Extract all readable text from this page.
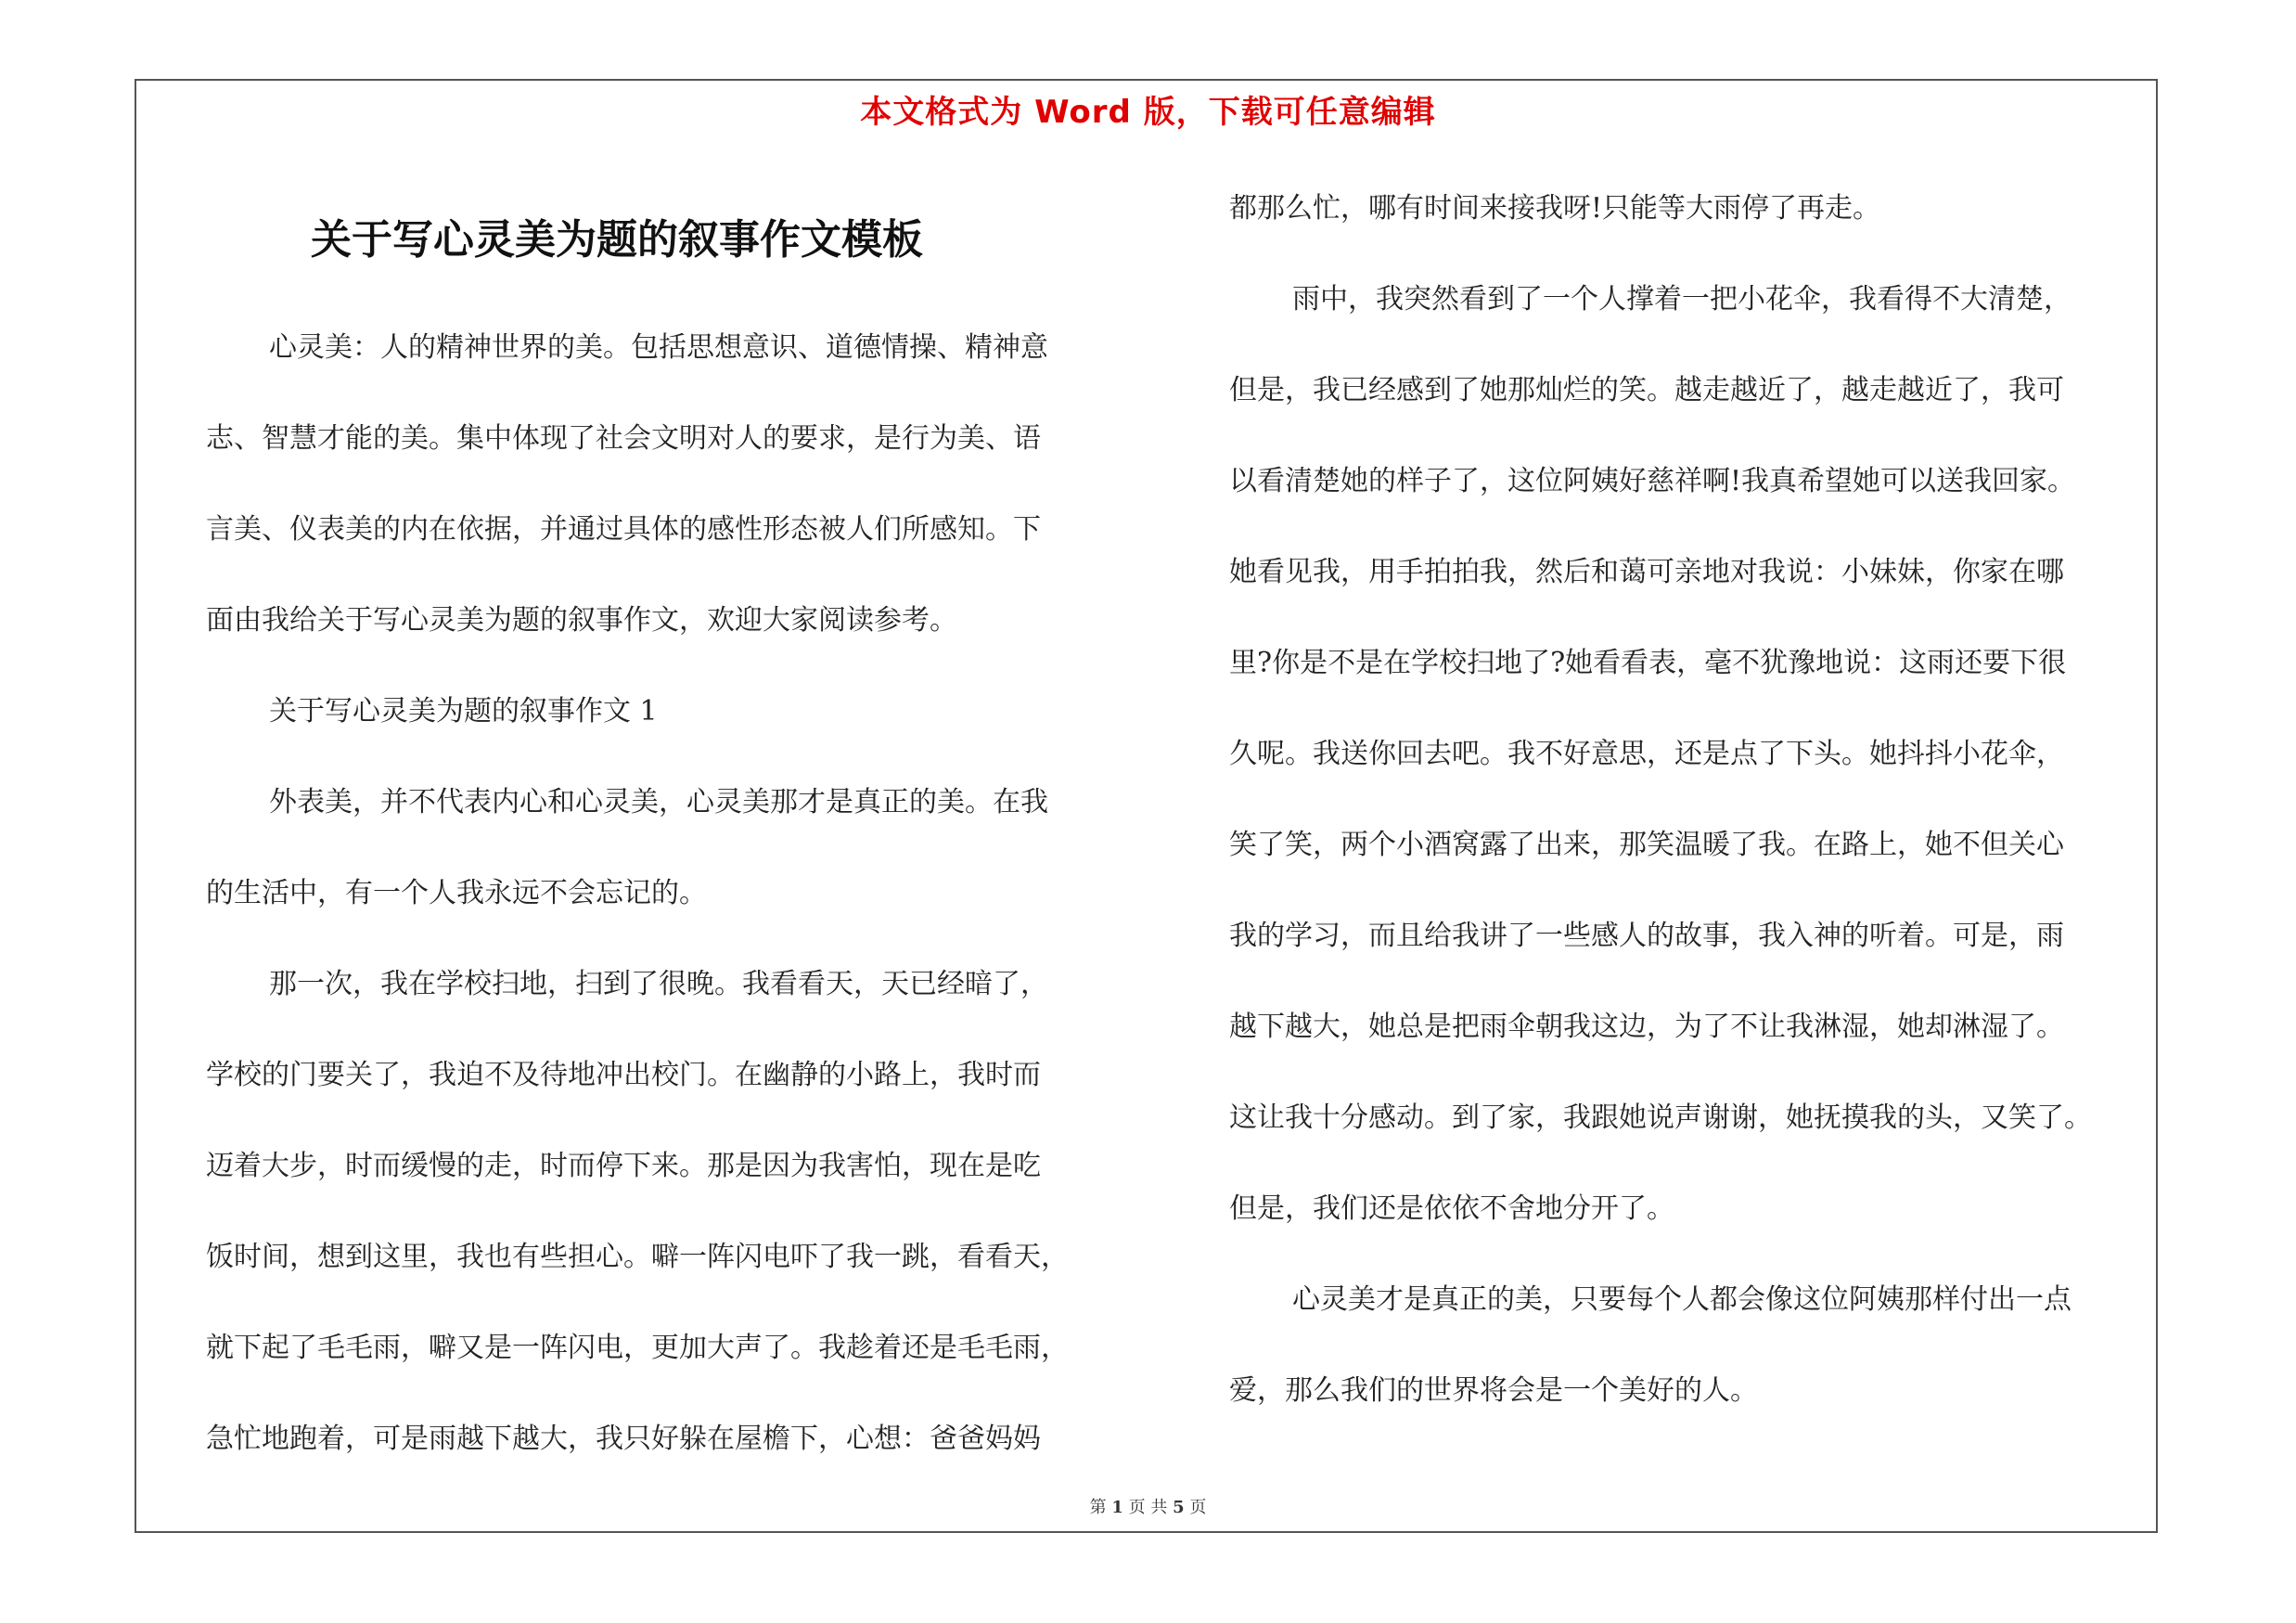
本文格式为 Word 版，下载可任意编辑
关于写心灵美为题的叙事作文模板
心灵美：人的精神世界的美。包括思想意识、道德情操、精神意
志、智慧才能的美。集中体现了社会文明对人的要求，是行为美、语
言美、仪表美的内在依据，并通过具体的感性形态被人们所感知。下
面由我给关于写心灵美为题的叙事作文，欢迎大家阅读参考。
关于写心灵美为题的叙事作文 1
外表美，并不代表内心和心灵美，心灵美那才是真正的美。在我
的生活中，有一个人我永远不会忘记的。
那一次，我在学校扫地，扫到了很晚。我看看天，天已经暗了，
学校的门要关了，我迫不及待地冲出校门。在幽静的小路上，我时而
迈着大步，时而缓慢的走，时而停下来。那是因为我害怕，现在是吃
饭时间，想到这里，我也有些担心。噼一阵闪电吓了我一跳，看看天，
就下起了毛毛雨，噼又是一阵闪电，更加大声了。我趁着还是毛毛雨，
急忙地跑着，可是雨越下越大，我只好躲在屋檐下，心想：爸爸妈妈
都那么忙，哪有时间来接我呀!只能等大雨停了再走。
雨中，我突然看到了一个人撑着一把小花伞，我看得不大清楚，
但是，我已经感到了她那灿烂的笑。越走越近了，越走越近了，我可
以看清楚她的样子了，这位阿姨好慈祥啊!我真希望她可以送我回家。
她看见我，用手拍拍我，然后和蔼可亲地对我说：小妹妹，你家在哪
里?你是不是在学校扫地了?她看看表，毫不犹豫地说：这雨还要下很
久呢。我送你回去吧。我不好意思，还是点了下头。她抖抖小花伞，
笑了笑，两个小酒窝露了出来，那笑温暖了我。在路上，她不但关心
我的学习，而且给我讲了一些感人的故事，我入神的听着。可是，雨
越下越大，她总是把雨伞朝我这边，为了不让我淋湿，她却淋湿了。
这让我十分感动。到了家，我跟她说声谢谢，她抚摸我的头，又笑了。
但是，我们还是依依不舍地分开了。
心灵美才是真正的美，只要每个人都会像这位阿姨那样付出一点
爱，那么我们的世界将会是一个美好的人。
第 1 页 共 5 页
